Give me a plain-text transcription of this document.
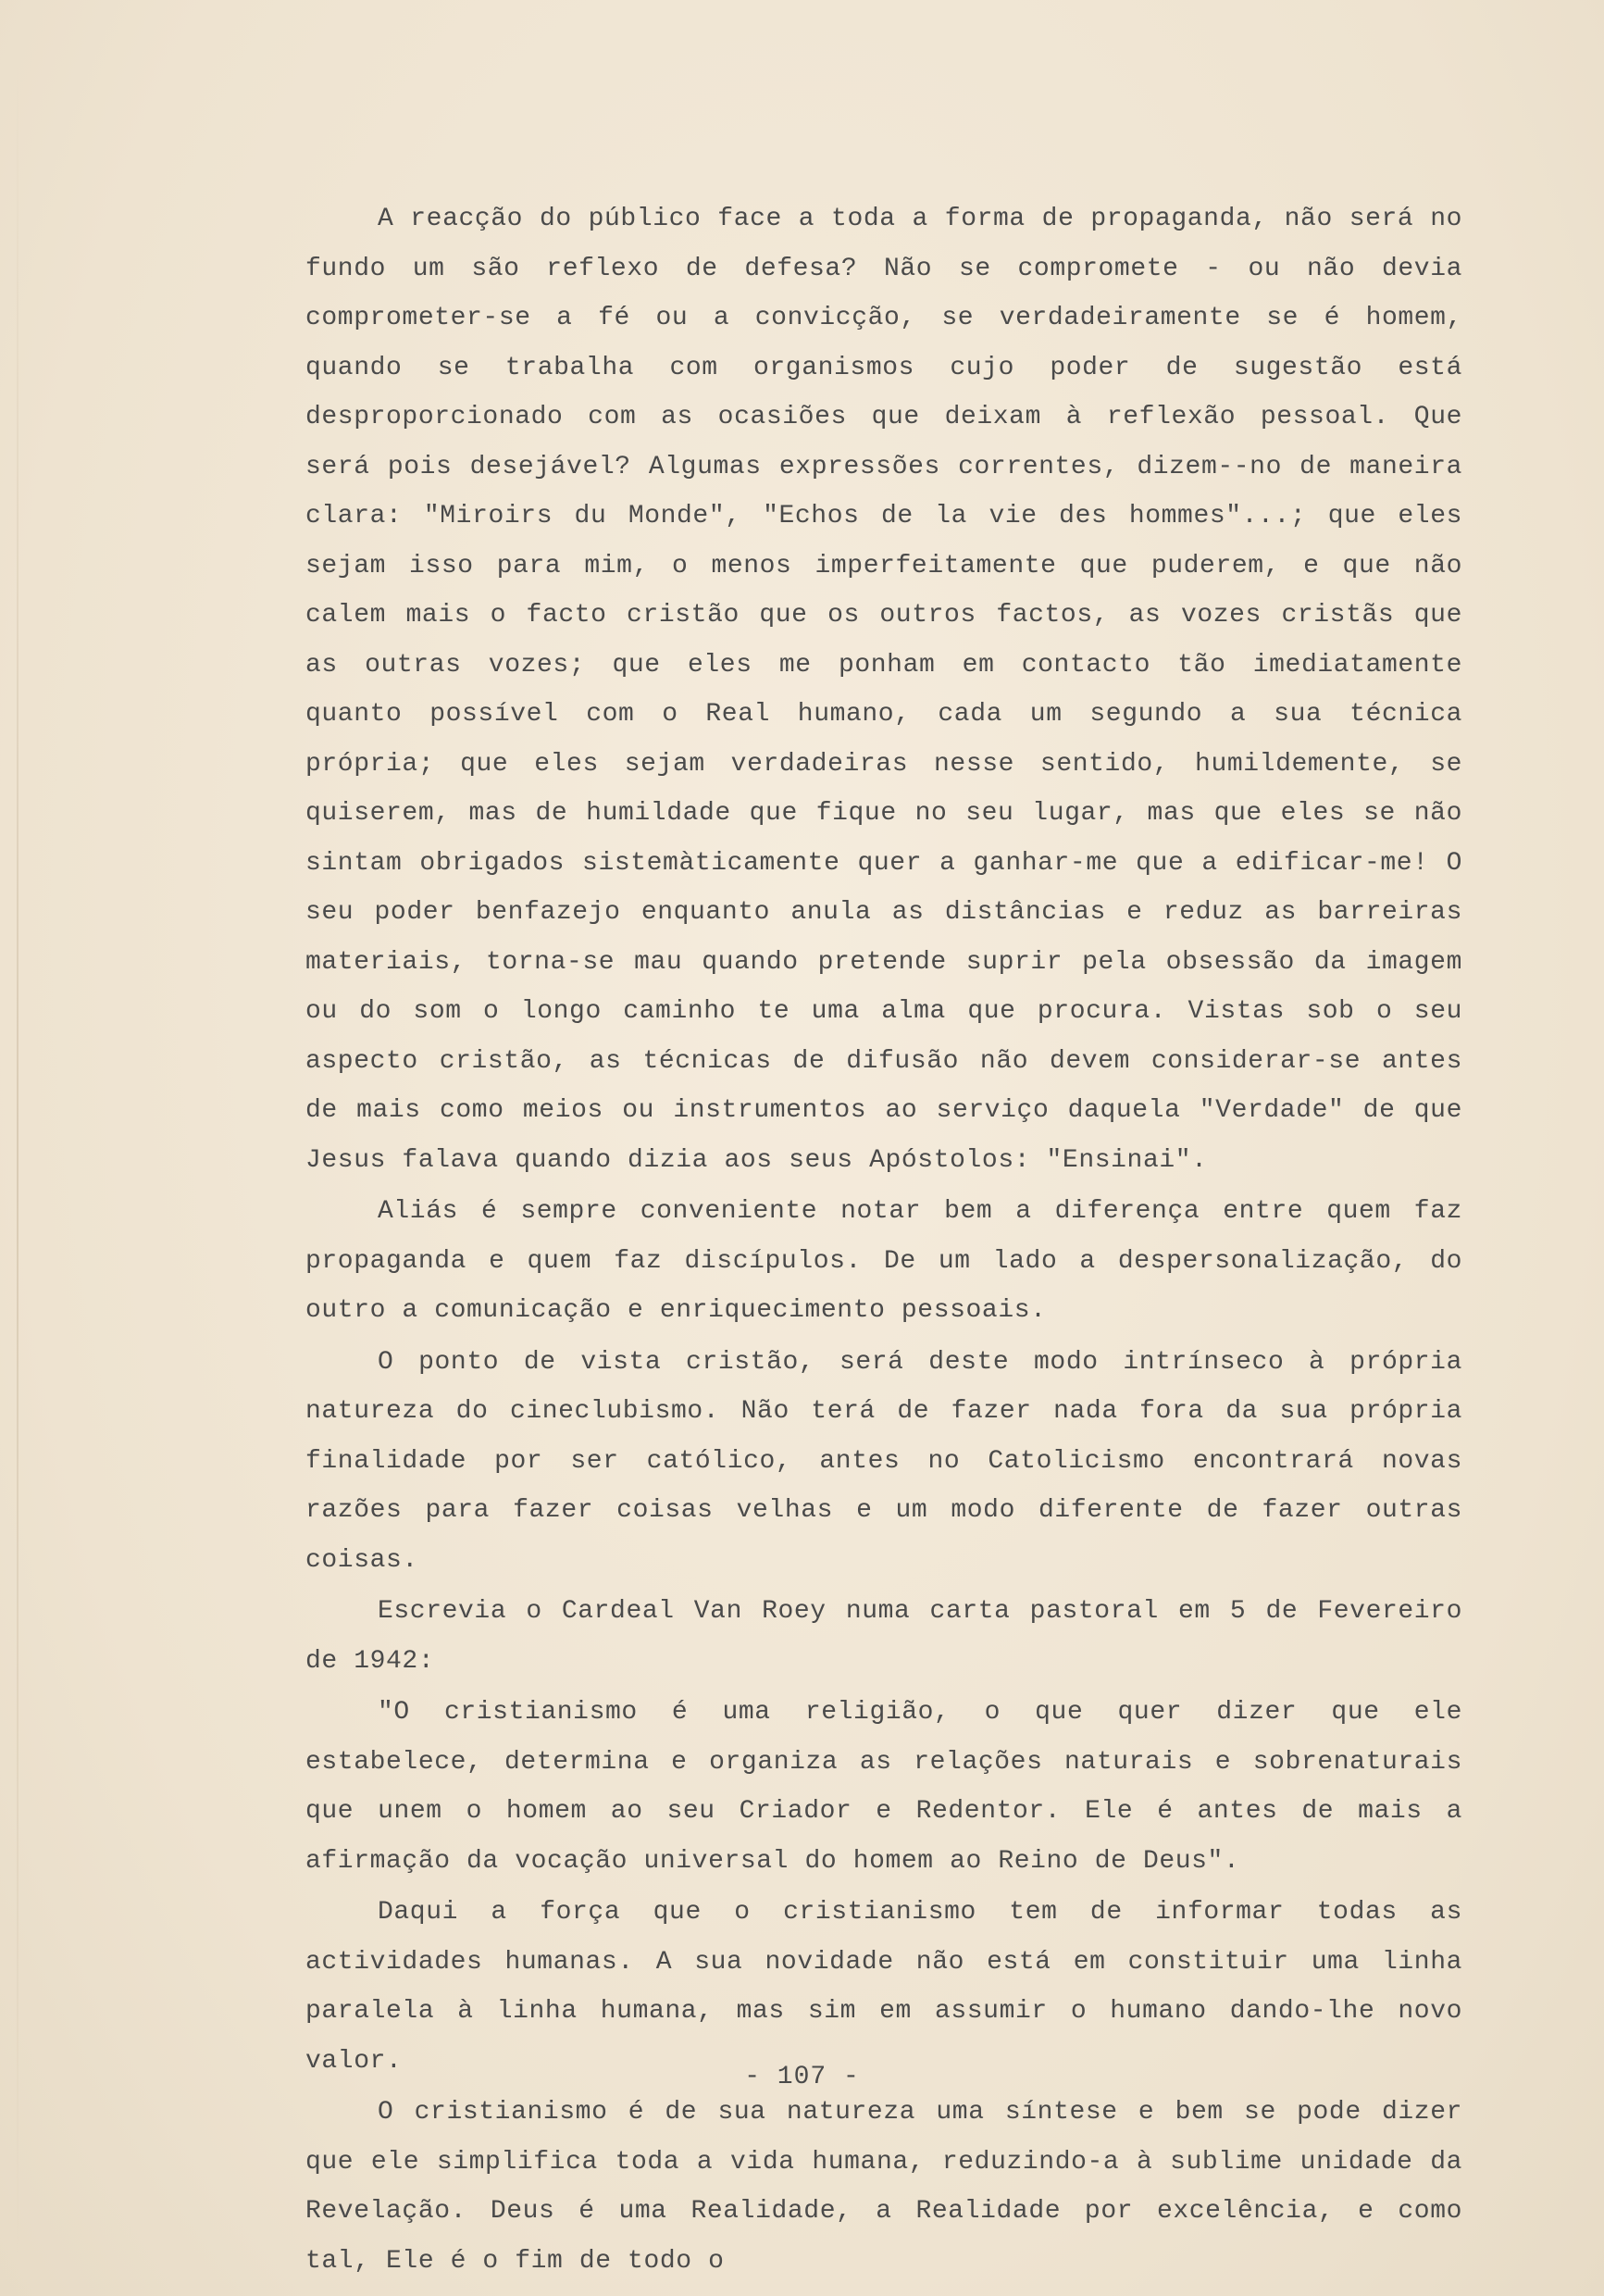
A reacção do público face a toda a forma de propaganda, não será no fundo um são reflexo de defesa? Não se compromete - ou não devia comprometer-se a fé ou a convicção, se verdadeiramente se é homem, quando se trabalha com organismos cujo poder de sugestão está desproporcionado com as ocasiões que deixam à reflexão pessoal. Que será pois desejável? Algumas expressões correntes, dizem--no de maneira clara: "Miroirs du Monde", "Echos de la vie des hommes"...; que eles sejam isso para mim, o menos imperfeitamente que puderem, e que não calem mais o facto cristão que os outros factos, as vozes cristãs que as outras vozes; que eles me ponham em contacto tão imediatamente quanto possível com o Real humano, cada um segundo a sua técnica própria; que eles sejam verdadeiras nesse sentido, humildemente, se quiserem, mas de humildade que fique no seu lugar, mas que eles se não sintam obrigados sistemàticamente quer a ganhar-me que a edificar-me! O seu poder benfazejo enquanto anula as distâncias e reduz as barreiras materiais, torna-se mau quando pretende suprir pela obsessão da imagem ou do som o longo caminho te uma alma que procura. Vistas sob o seu aspecto cristão, as técnicas de difusão não devem considerar-se antes de mais como meios ou instrumentos ao serviço daquela "Verdade" de que Jesus falava quando dizia aos seus Apóstolos: "Ensinai".

Aliás é sempre conveniente notar bem a diferença entre quem faz propaganda e quem faz discípulos. De um lado a despersonalização, do outro a comunicação e enriquecimento pessoais.

O ponto de vista cristão, será deste modo intrínseco à própria natureza do cineclubismo. Não terá de fazer nada fora da sua própria finalidade por ser católico, antes no Catolicismo encontrará novas razões para fazer coisas velhas e um modo diferente de fazer outras coisas.

Escrevia o Cardeal Van Roey numa carta pastoral em 5 de Fevereiro de 1942:

"O cristianismo é uma religião, o que quer dizer que ele estabelece, determina e organiza as relações naturais e sobrenaturais que unem o homem ao seu Criador e Redentor. Ele é antes de mais a afirmação da vocação universal do homem ao Reino de Deus".

Daqui a força que o cristianismo tem de informar todas as actividades humanas. A sua novidade não está em constituir uma linha paralela à linha humana, mas sim em assumir o humano dando-lhe novo valor.

O cristianismo é de sua natureza uma síntese e bem se pode dizer que ele simplifica toda a vida humana, reduzindo-a à sublime unidade da Revelação. Deus é uma Realidade, a Realidade por excelência, e como tal, Ele é o fim de todo o

- 107 -
